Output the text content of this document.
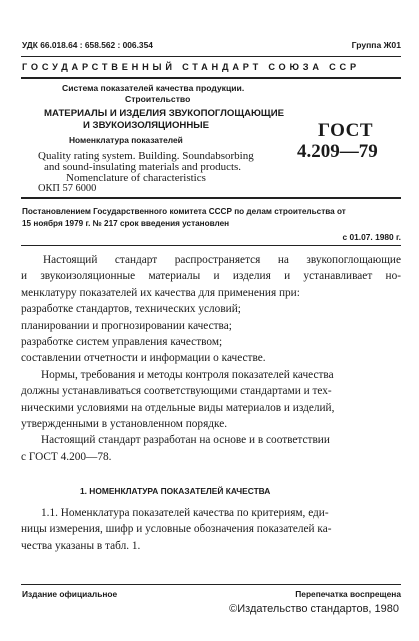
УДК 66.018.64 : 658.562 : 006.354	Группа Ж01
ГОСУДАРСТВЕННЫЙ СТАНДАРТ СОЮЗА ССР
Система показателей качества продукции.
Строительство
МАТЕРИАЛЫ И ИЗДЕЛИЯ ЗВУКОПОГЛОЩАЮЩИЕ
И ЗВУКОИЗОЛЯЦИОННЫЕ
Номенклатура показателей
Quality rating system. Building. Soundabsorbing
and sound-insulating materials and products.
Nomenclature of characteristics
ОКП 57 6000
ГОСТ
4.209—79
Постановлением Государственного комитета СССР по делам строительства от
15 ноября 1979 г. № 217 срок введения установлен
с 01.07. 1980 г.
Настоящий стандарт распространяется на звукопоглощающие
и звукоизоляционные материалы и изделия и устанавливает но-
менклатуру показателей их качества для применения при:
разработке стандартов, технических условий;
планировании и прогнозировании качества;
разработке систем управления качеством;
составлении отчетности и информации о качестве.
Нормы, требования и методы контроля показателей качества
должны устанавливаться соответствующими стандартами и тех-
ническими условиями на отдельные виды материалов и изделий,
утвержденными в установленном порядке.
Настоящий стандарт разработан на основе и в соответствии
с ГОСТ 4.200—78.
1. НОМЕНКЛАТУРА ПОКАЗАТЕЛЕЙ КАЧЕСТВА
1.1. Номенклатура показателей качества по критериям, еди-
ницы измерения, шифр и условные обозначения показателей ка-
чества указаны в табл. 1.
Издание официальное	Перепечатка воспрещена
©Издательство стандартов, 1980
